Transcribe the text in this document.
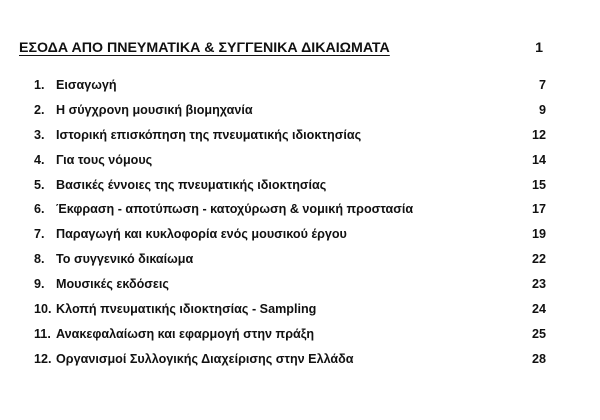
ΕΣΟΔΑ ΑΠΟ ΠΝΕΥΜΑΤΙΚΑ & ΣΥΓΓΕΝΙΚΑ ΔΙΚΑΙΩΜΑΤΑ	1
1. Εισαγωγή	7
2. Η σύγχρονη μουσική βιομηχανία	9
3. Ιστορική επισκόπηση της πνευματικής ιδιοκτησίας	12
4. Για τους νόμους	14
5. Βασικές έννοιες της πνευματικής ιδιοκτησίας	15
6. Έκφραση - αποτύπωση - κατοχύρωση & νομική προστασία	17
7. Παραγωγή και κυκλοφορία ενός μουσικού έργου	19
8. Το συγγενικό δικαίωμα	22
9. Μουσικές εκδόσεις	23
10. Κλοπή πνευματικής ιδιοκτησίας - Sampling	24
11. Ανακεφαλαίωση και εφαρμογή στην πράξη	25
12. Οργανισμοί Συλλογικής Διαχείρισης στην Ελλάδα	28
